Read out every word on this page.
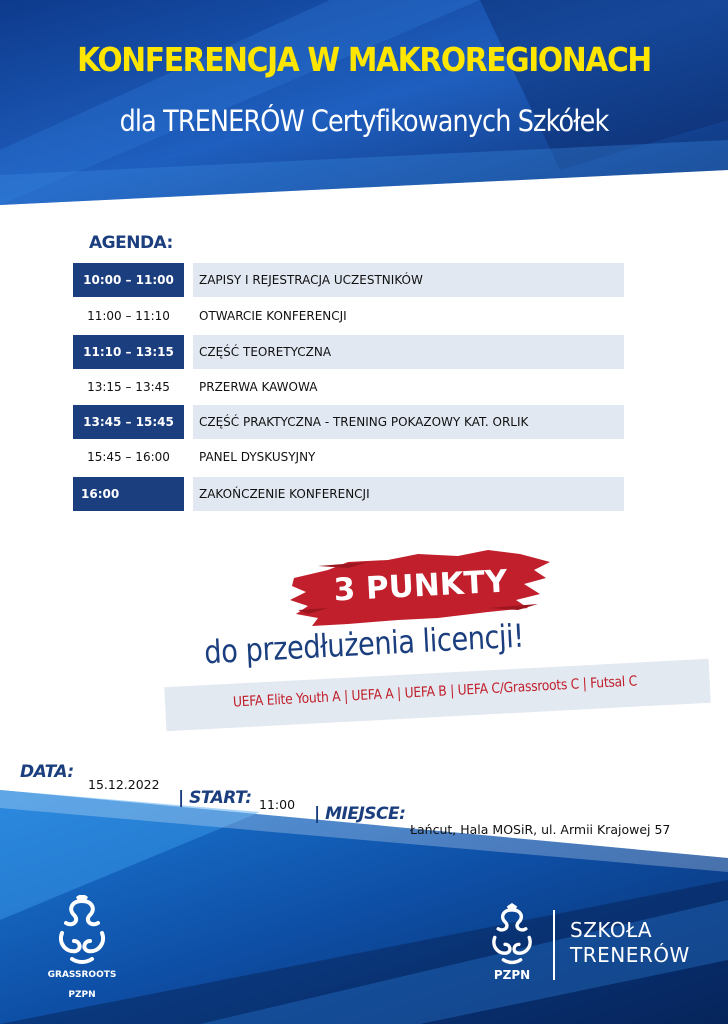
KONFERENCJA W MAKROREGIONACH
dla TRENERÓW Certyfikowanych Szkółek
AGENDA:
10:00 – 11:00	ZAPISY I REJESTRACJA UCZESTNIKÓW
11:00 – 11:10	OTWARCIE KONFERENCJI
11:10 – 13:15	CZĘŚĆ TEORETYCZNA
13:15 – 13:45	PRZERWA KAWOWA
13:45 – 15:45	CZĘŚĆ PRAKTYCZNA - TRENING POKAZOWY KAT. ORLIK
15:45 – 16:00	PANEL DYSKUSYJNY
16:00	ZAKOŃCZENIE KONFERENCJI
3 PUNKTY
do przedłużenia licencji!
UEFA Elite Youth A | UEFA A | UEFA B | UEFA C/Grassroots C | Futsal C
DATA:
15.12.2022
| START: 11:00 | MIEJSCE:
Łańcut, Hala MOSiR, ul. Armii Krajowej 57
GRASSROOTS
PZPN
PZPN
SZKOŁA
TRENERÓW
